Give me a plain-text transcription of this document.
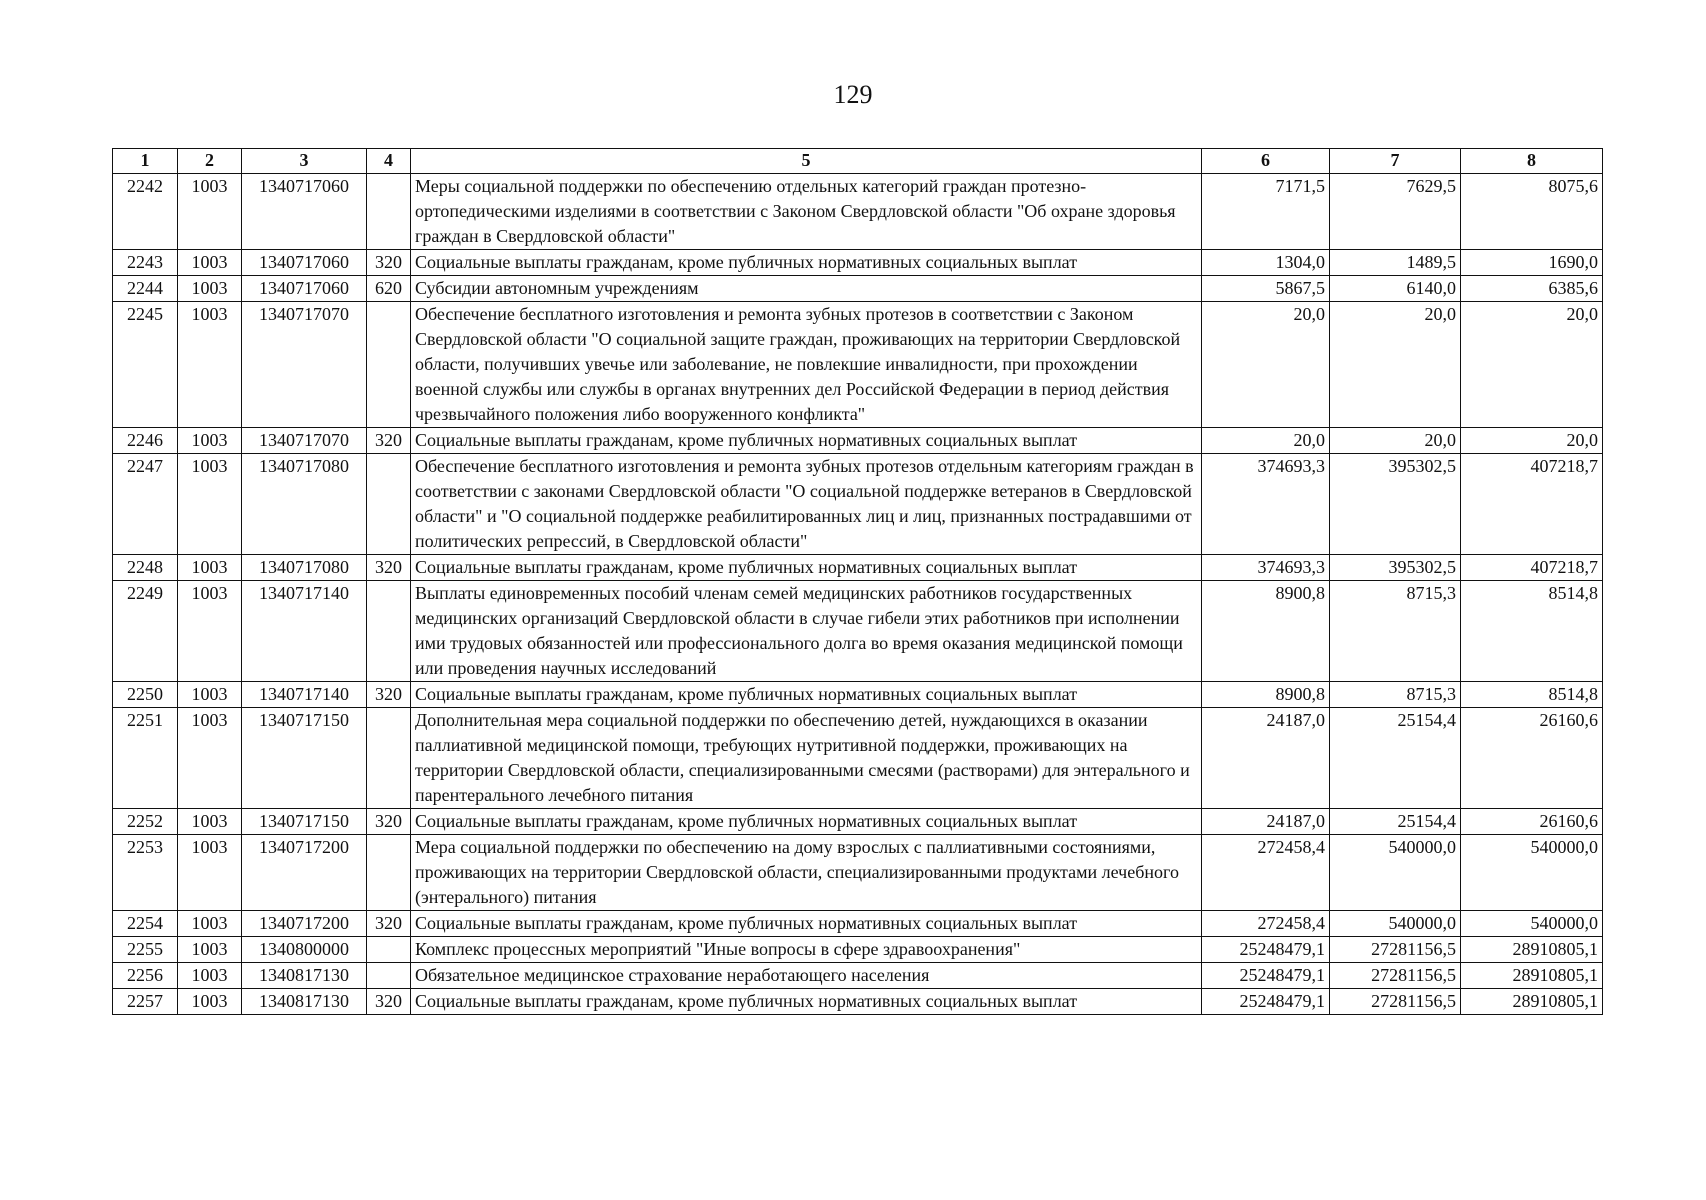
129
1	2	3	4	5	6	7	8
2242	1003	1340717060		Меры социальной поддержки по обеспечению отдельных категорий граждан протезно-ортопедическими изделиями в соответствии с Законом Свердловской области "Об охране здоровья граждан в Свердловской области"	7171,5	7629,5	8075,6
2243	1003	1340717060	320	Социальные выплаты гражданам, кроме публичных нормативных социальных выплат	1304,0	1489,5	1690,0
2244	1003	1340717060	620	Субсидии автономным учреждениям	5867,5	6140,0	6385,6
2245	1003	1340717070		Обеспечение бесплатного изготовления и ремонта зубных протезов в соответствии с Законом Свердловской области "О социальной защите граждан, проживающих на территории Свердловской области, получивших увечье или заболевание, не повлекшие инвалидности, при прохождении военной службы или службы в органах внутренних дел Российской Федерации в период действия чрезвычайного положения либо вооруженного конфликта"	20,0	20,0	20,0
2246	1003	1340717070	320	Социальные выплаты гражданам, кроме публичных нормативных социальных выплат	20,0	20,0	20,0
2247	1003	1340717080		Обеспечение бесплатного изготовления и ремонта зубных протезов отдельным категориям граждан в соответствии с законами Свердловской области "О социальной поддержке ветеранов в Свердловской области" и "О социальной поддержке реабилитированных лиц и лиц, признанных пострадавшими от политических репрессий, в Свердловской области"	374693,3	395302,5	407218,7
2248	1003	1340717080	320	Социальные выплаты гражданам, кроме публичных нормативных социальных выплат	374693,3	395302,5	407218,7
2249	1003	1340717140		Выплаты единовременных пособий членам семей медицинских работников государственных медицинских организаций Свердловской области в случае гибели этих работников при исполнении ими трудовых обязанностей или профессионального долга во время оказания медицинской помощи или проведения научных исследований	8900,8	8715,3	8514,8
2250	1003	1340717140	320	Социальные выплаты гражданам, кроме публичных нормативных социальных выплат	8900,8	8715,3	8514,8
2251	1003	1340717150		Дополнительная мера социальной поддержки по обеспечению детей, нуждающихся в оказании паллиативной медицинской помощи, требующих нутритивной поддержки, проживающих на территории Свердловской области, специализированными смесями (растворами) для энтерального и парентерального лечебного питания	24187,0	25154,4	26160,6
2252	1003	1340717150	320	Социальные выплаты гражданам, кроме публичных нормативных социальных выплат	24187,0	25154,4	26160,6
2253	1003	1340717200		Мера социальной поддержки по обеспечению на дому взрослых с паллиативными состояниями, проживающих на территории Свердловской области, специализированными продуктами лечебного (энтерального) питания	272458,4	540000,0	540000,0
2254	1003	1340717200	320	Социальные выплаты гражданам, кроме публичных нормативных социальных выплат	272458,4	540000,0	540000,0
2255	1003	1340800000		Комплекс процессных мероприятий "Иные вопросы в сфере здравоохранения"	25248479,1	27281156,5	28910805,1
2256	1003	1340817130		Обязательное медицинское страхование неработающего населения	25248479,1	27281156,5	28910805,1
2257	1003	1340817130	320	Социальные выплаты гражданам, кроме публичных нормативных социальных выплат	25248479,1	27281156,5	28910805,1
